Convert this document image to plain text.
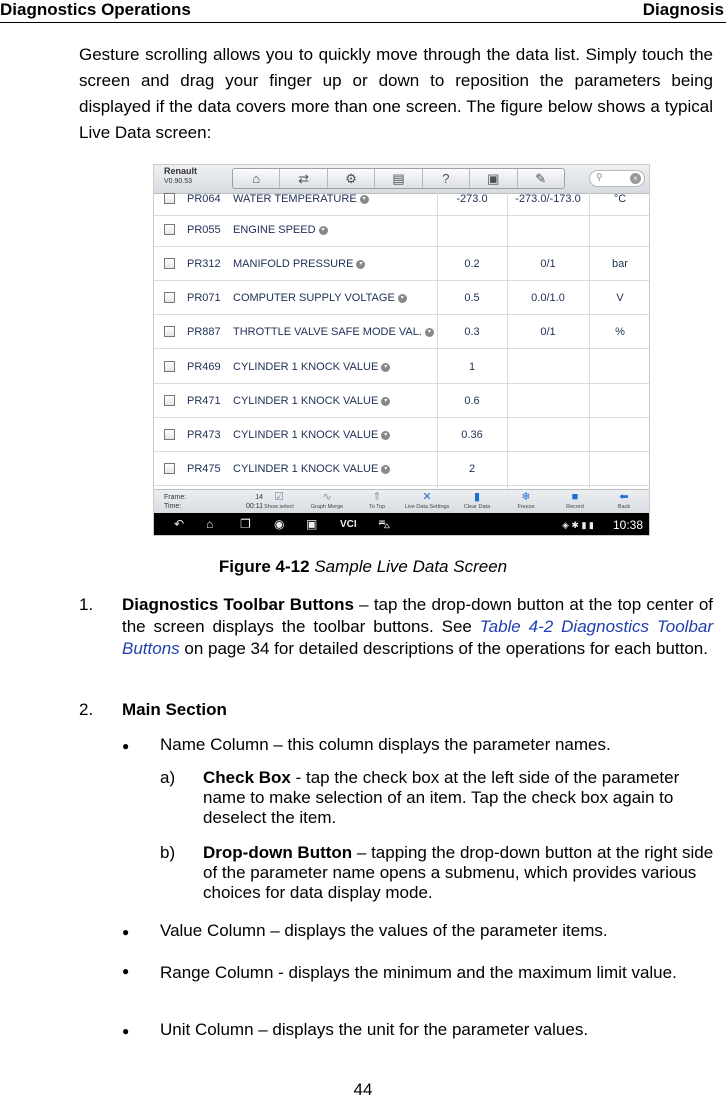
Diagnostics Operations	Diagnosis
Gesture scrolling allows you to quickly move through the data list. Simply touch the screen and drag your finger up or down to reposition the parameters being displayed if the data covers more than one screen. The figure below shows a typical Live Data screen:
Renault
V0.90.53	⌂	⇄	⚙	▤	?	▣	✎	⚲	×
PR064 WATER TEMPERATURE ▾	-273.0	-273.0/-173.0	°C
PR055 ENGINE SPEED ▾
PR312 MANIFOLD PRESSURE ▾	0.2	0/1	bar
PR071 COMPUTER SUPPLY VOLTAGE ▾	0.5	0.0/1.0	V
PR887 THROTTLE VALVE SAFE MODE VAL. ▾	0.3	0/1	%
PR469 CYLINDER 1 KNOCK VALUE ▾	1
PR471 CYLINDER 1 KNOCK VALUE ▾	0.6
PR473 CYLINDER 1 KNOCK VALUE ▾	0.36
PR475 CYLINDER 1 KNOCK VALUE ▾	2
Frame:
Time:
14
00:11
☑
Show select
∿
Graph Merge
⇑
To Top
✕
Live Data Settings
▮
Clear Data
❄
Freeze
■
Record
⬅
Back
↶ ⌂ ❐ ◉ ▣ VCI ⛍	◈ ✱ ▮ ▮ 10:38
Figure 4-12 Sample Live Data Screen
1. Diagnostics Toolbar Buttons – tap the drop-down button at the top center of the screen displays the toolbar buttons. See Table 4-2 Diagnostics Toolbar Buttons on page 34 for detailed descriptions of the operations for each button.
2. Main Section
● Name Column – this column displays the parameter names.
a) Check Box - tap the check box at the left side of the parameter name to make selection of an item. Tap the check box again to deselect the item.
b) Drop-down Button – tapping the drop-down button at the right side of the parameter name opens a submenu, which provides various choices for data display mode.
● Value Column – displays the values of the parameter items.
● Range Column - displays the minimum and the maximum limit value.
● Unit Column – displays the unit for the parameter values.
44
